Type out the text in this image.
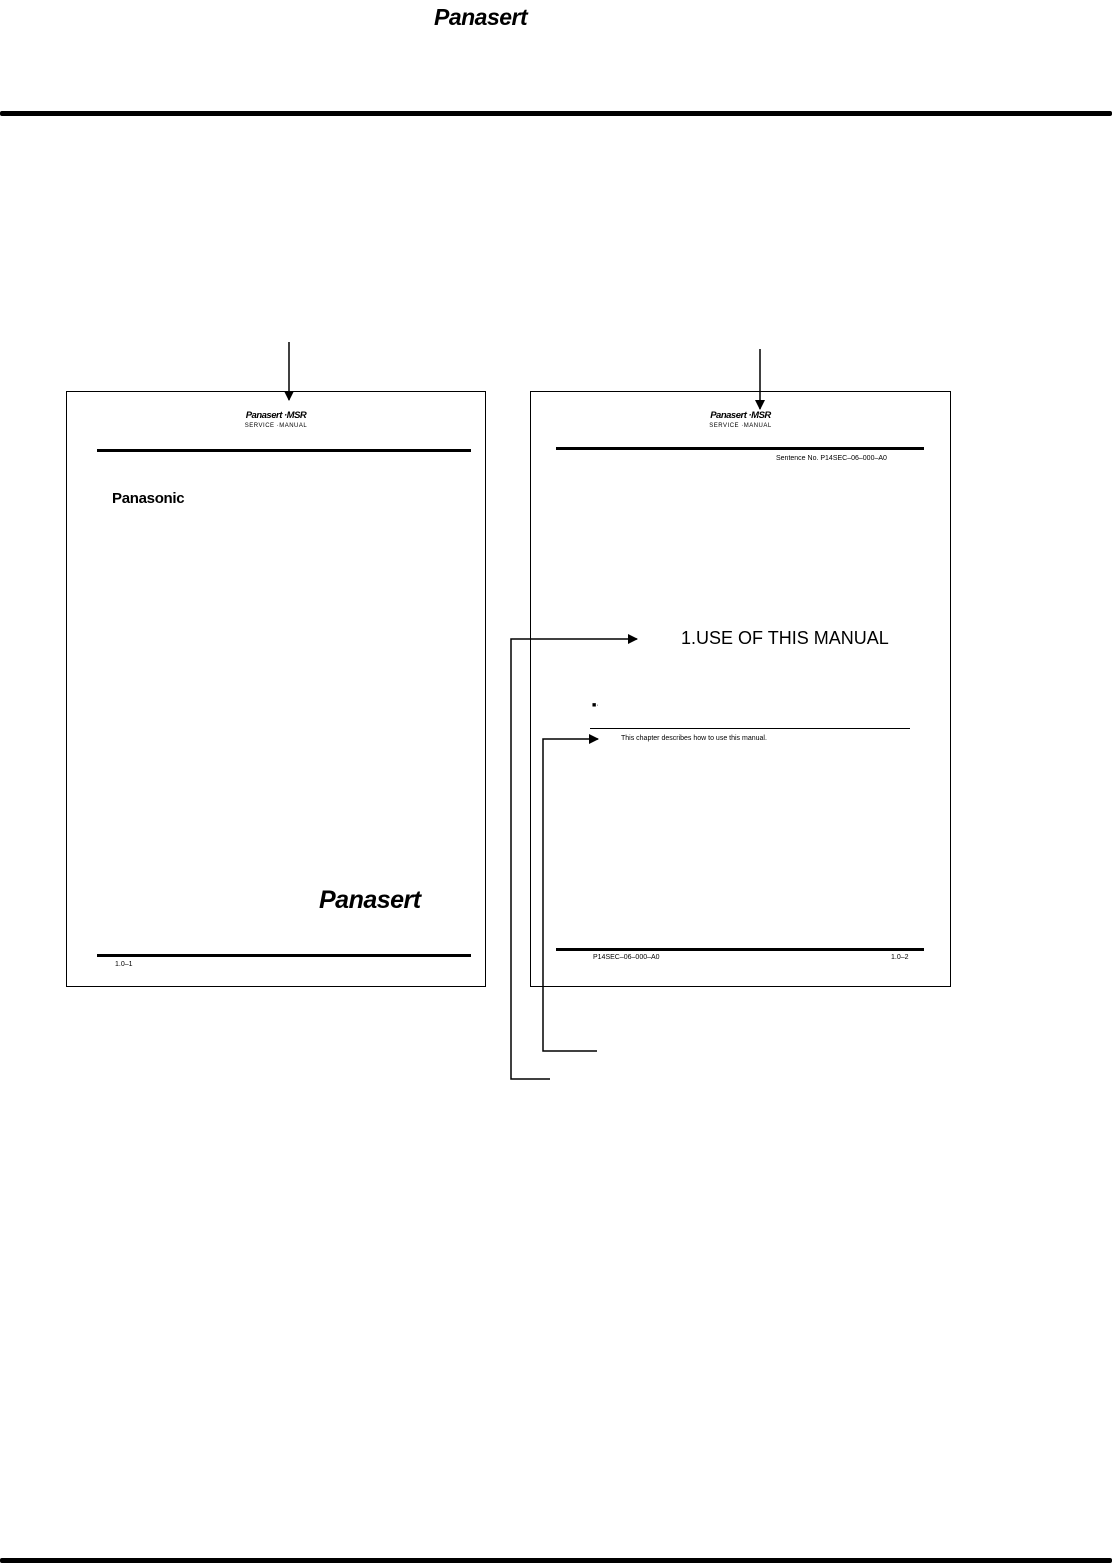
Panasert
Panasert ·MSR
SERVICE ·MANUAL
Panasonic
Panasert
1.0–1
Panasert ·MSR
SERVICE ·MANUAL
Sentence No. P14SEC–06–000–A0
1.USE OF THIS MANUAL
■·
This chapter describes how to use this manual.
P14SEC–06–000–A0	1.0–2
